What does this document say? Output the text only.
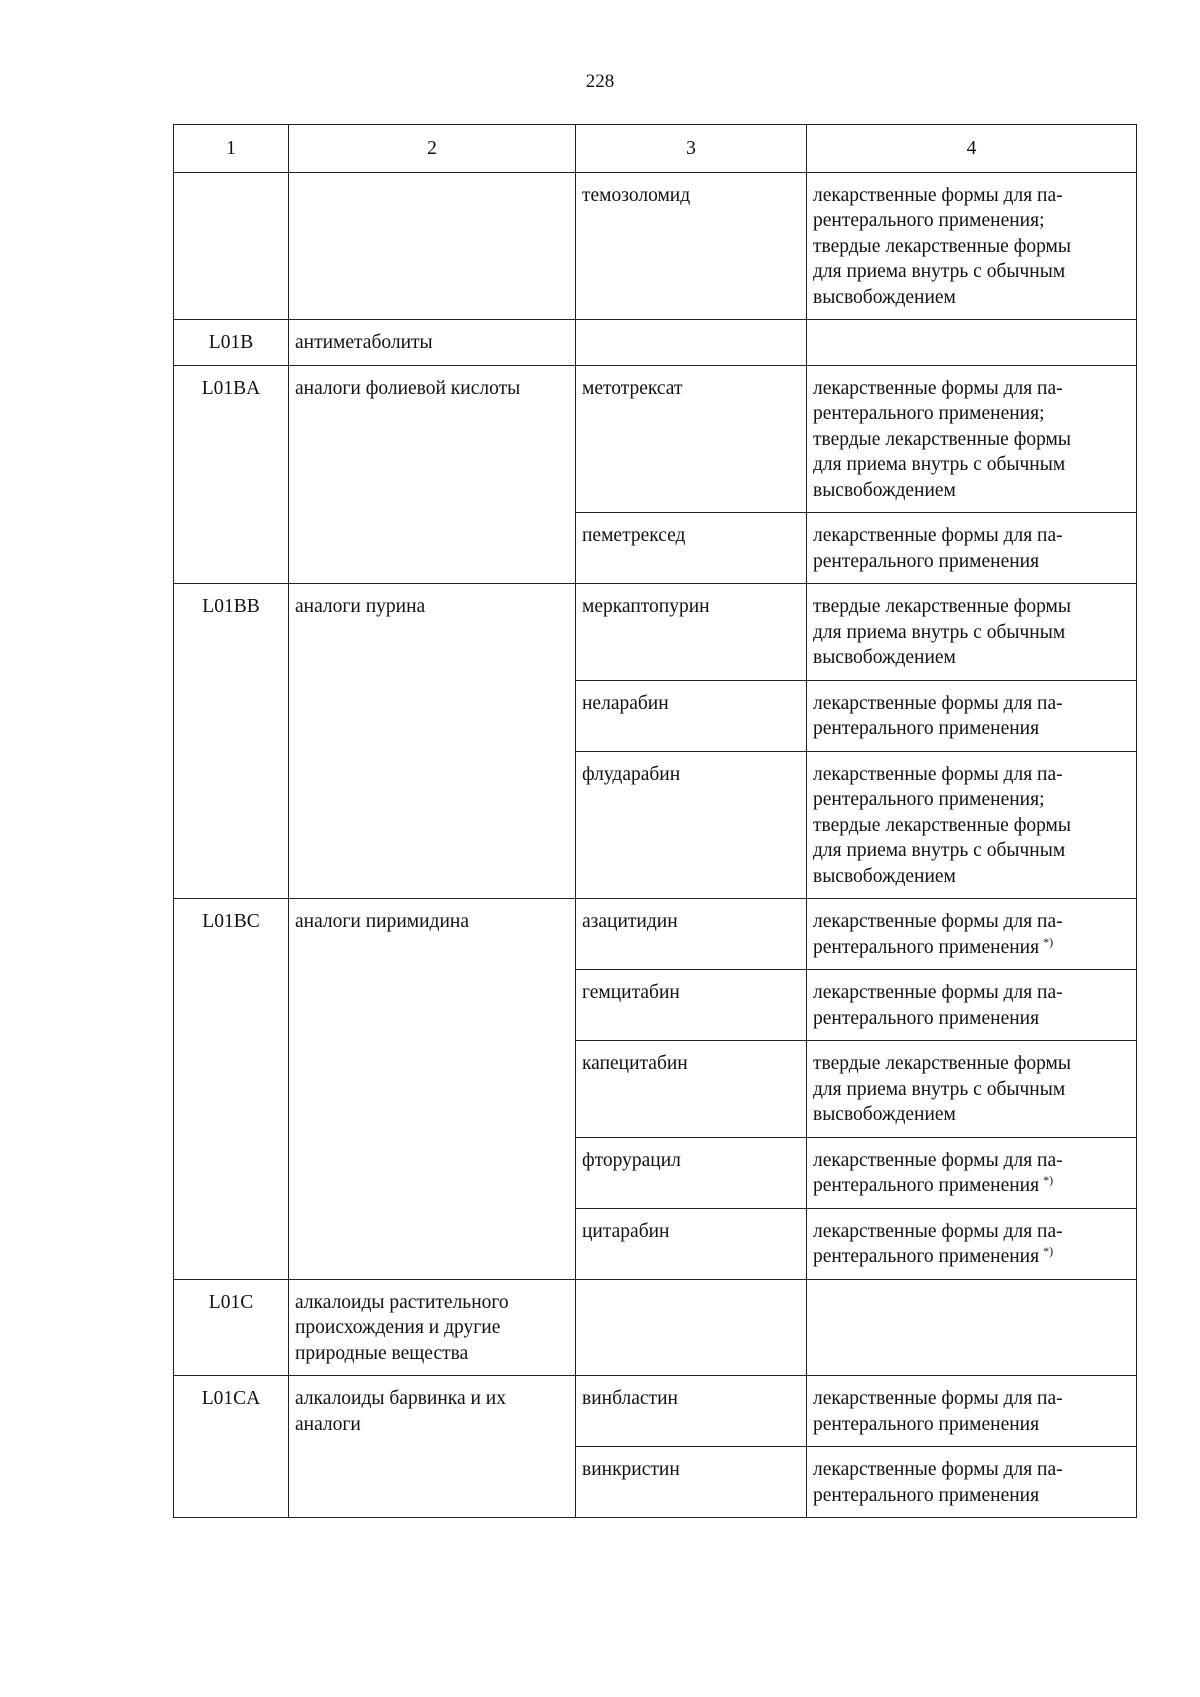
228
1	2	3	4
		темозоломид	лекарственные формы для па-
рентерального применения;
твердые лекарственные формы
для приема внутрь с обычным
высвобождением
L01B	антиметаболиты		
L01BA	аналоги фолиевой кислоты	метотрексат	лекарственные формы для па-
рентерального применения;
твердые лекарственные формы
для приема внутрь с обычным
высвобождением
		пеметрексед	лекарственные формы для па-
рентерального применения
L01BB	аналоги пурина	меркаптопурин	твердые лекарственные формы
для приема внутрь с обычным
высвобождением
		неларабин	лекарственные формы для па-
рентерального применения
		флударабин	лекарственные формы для па-
рентерального применения;
твердые лекарственные формы
для приема внутрь с обычным
высвобождением
L01BC	аналоги пиримидина	азацитидин	лекарственные формы для па-
рентерального применения *)
		гемцитабин	лекарственные формы для па-
рентерального применения
		капецитабин	твердые лекарственные формы
для приема внутрь с обычным
высвобождением
		фторурацил	лекарственные формы для па-
рентерального применения *)
		цитарабин	лекарственные формы для па-
рентерального применения *)
L01C	алкалоиды растительного
происхождения и другие
природные вещества		
L01CA	алкалоиды барвинка и их
аналоги	винбластин	лекарственные формы для па-
рентерального применения
		винкристин	лекарственные формы для па-
рентерального применения
